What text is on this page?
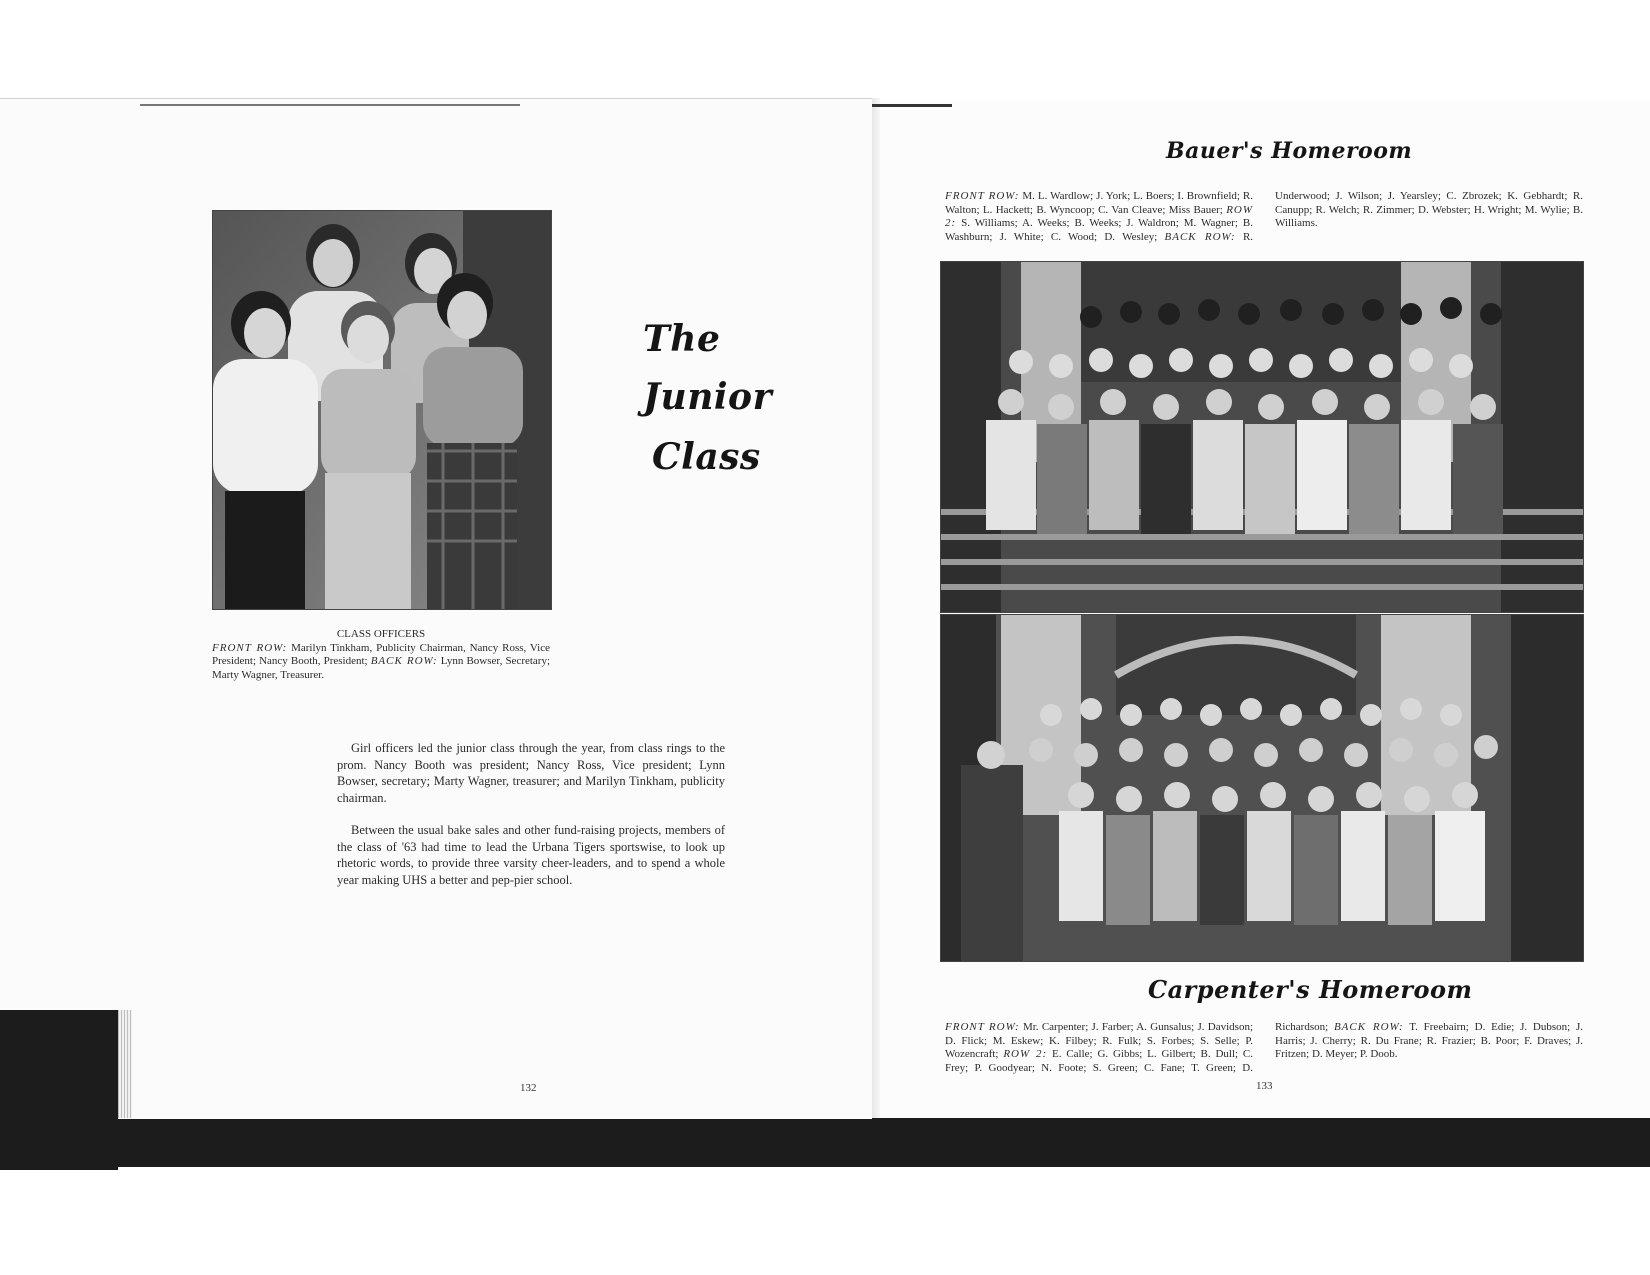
CLASS OFFICERS
FRONT ROW: Marilyn Tinkham, Publicity Chairman, Nancy Ross, Vice President; Nancy Booth, President; BACK ROW: Lynn Bowser, Secretary; Marty Wagner, Treasurer.
The
Junior
Class

Girl officers led the junior class through the year, from class rings to the prom. Nancy Booth was president; Nancy Ross, Vice president; Lynn Bowser, secretary; Marty Wagner, treasurer; and Marilyn Tinkham, publicity chairman.

Between the usual bake sales and other fund-raising projects, members of the class of '63 had time to lead the Urbana Tigers sportswise, to look up rhetoric words, to provide three varsity cheer-leaders, and to spend a whole year making UHS a better and pep-pier school.

132
Bauer's Homeroom
FRONT ROW: M. L. Wardlow; J. York; L. Boers; I. Brownfield; R. Walton; L. Hackett; B. Wyncoop; C. Van Cleave; Miss Bauer; ROW 2: S. Williams; A. Weeks; B. Weeks; J. Waldron; M. Wagner; B. Washburn; J. White; C. Wood; D. Wesley; BACK ROW: R. Underwood; J. Wilson; J. Yearsley; C. Zbrozek; K. Gebhardt; R. Canupp; R. Welch; R. Zimmer; D. Webster; H. Wright; M. Wylie; B. Williams.
Carpenter's Homeroom
FRONT ROW: Mr. Carpenter; J. Farber; A. Gunsalus; J. Davidson; D. Flick; M. Eskew; K. Filbey; R. Fulk; S. Forbes; S. Selle; P. Wozencraft; ROW 2: E. Calle; G. Gibbs; L. Gilbert; B. Dull; C. Frey; P. Goodyear; N. Foote; S. Green; C. Fane; T. Green; D. Richardson; BACK ROW: T. Freebairn; D. Edie; J. Dubson; J. Harris; J. Cherry; R. Du Frane; R. Frazier; B. Poor; F. Draves; J. Fritzen; D. Meyer; P. Doob.
133
